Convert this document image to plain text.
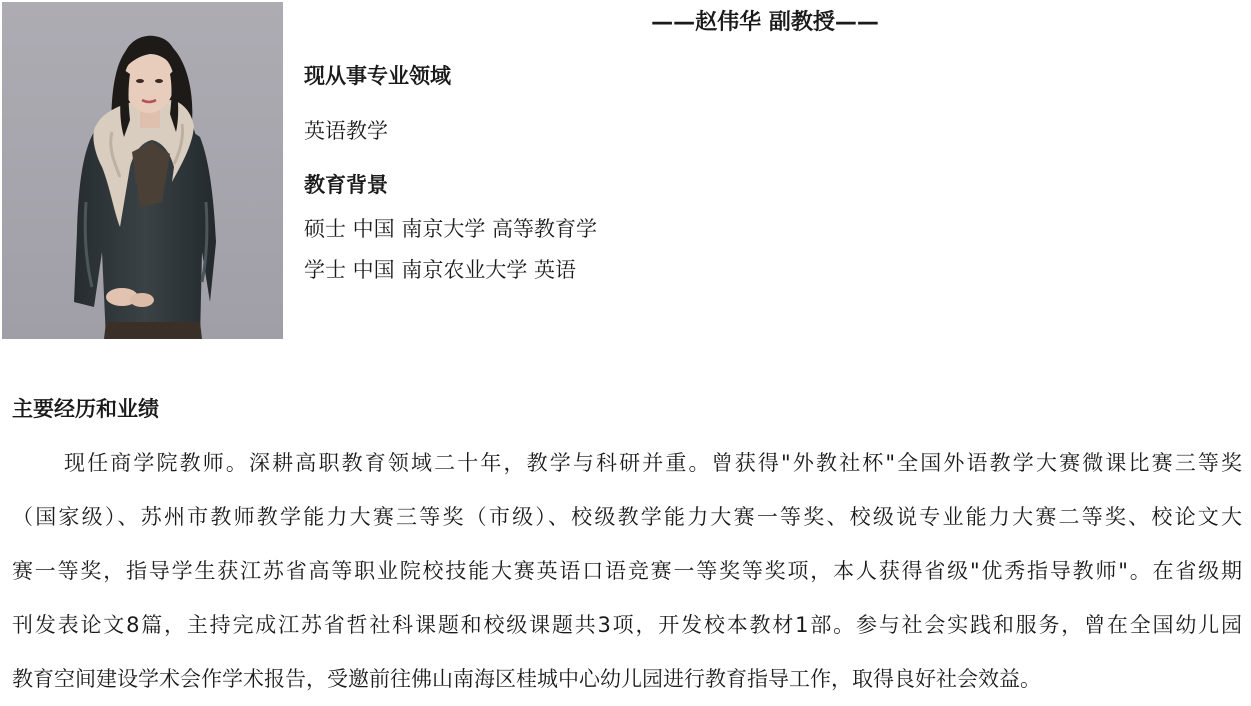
——赵伟华 副教授——
现从事专业领域
英语教学
教育背景
硕士 中国 南京大学 高等教育学
学士 中国 南京农业大学 英语
主要经历和业绩
现任商学院教师。深耕高职教育领域二十年，教学与科研并重。曾获得"外教社杯"全国外语教学大赛微课比赛三等奖
（国家级）、苏州市教师教学能力大赛三等奖（市级）、校级教学能力大赛一等奖、校级说专业能力大赛二等奖、校论文大
赛一等奖，指导学生获江苏省高等职业院校技能大赛英语口语竞赛一等奖等奖项，本人获得省级"优秀指导教师"。在省级期
刊发表论文8篇，主持完成江苏省哲社科课题和校级课题共3项，开发校本教材1部。参与社会实践和服务，曾在全国幼儿园
教育空间建设学术会作学术报告，受邀前往佛山南海区桂城中心幼儿园进行教育指导工作，取得良好社会效益。
